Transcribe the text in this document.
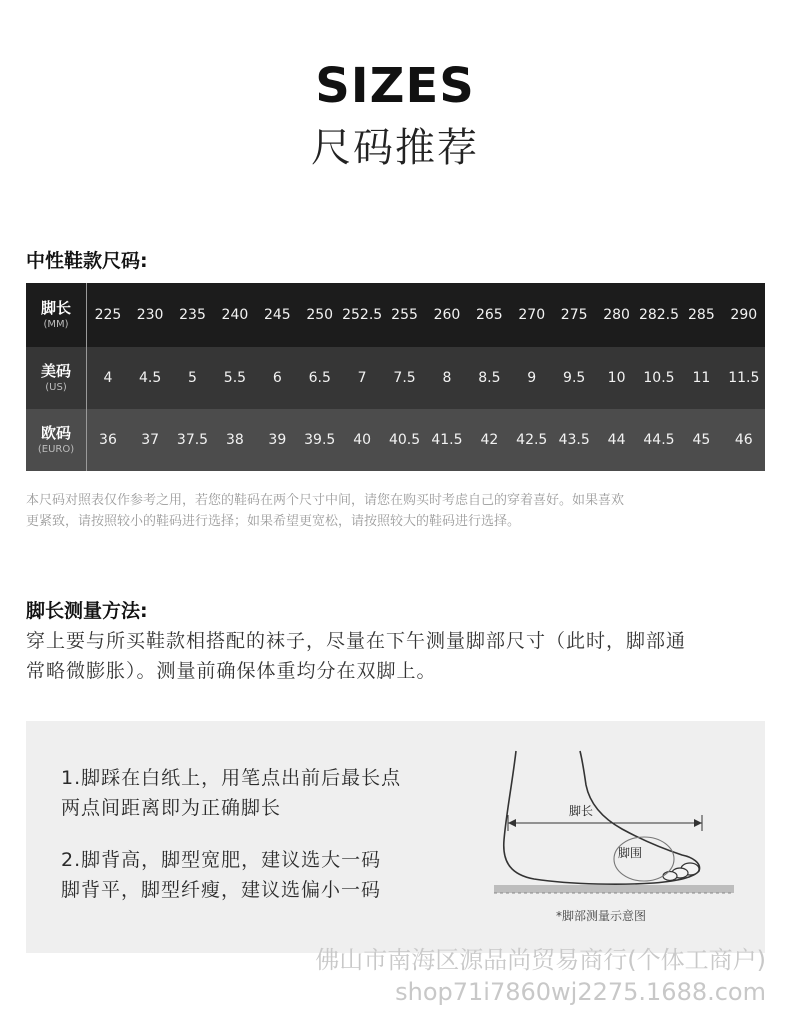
SIZES
尺码推荐
中性鞋款尺码:
脚长
(MM)	225	230	235	240	245	250	252.5	255	260	265	270	275	280	282.5	285	290

美码
(US)	4	4.5	5	5.5	6	6.5	7	7.5	8	8.5	9	9.5	10	10.5	11	11.5

欧码
(EURO)	36	37	37.5	38	39	39.5	40	40.5	41.5	42	42.5	43.5	44	44.5	45	46
本尺码对照表仅作参考之用，若您的鞋码在两个尺寸中间，请您在购买时考虑自己的穿着喜好。如果喜欢
更紧致，请按照较小的鞋码进行选择；如果希望更宽松，请按照较大的鞋码进行选择。
脚长测量方法:
穿上要与所买鞋款相搭配的袜子，尽量在下午测量脚部尺寸（此时，脚部通
常略微膨胀）。测量前确保体重均分在双脚上。
1.脚踩在白纸上，用笔点出前后最长点
两点间距离即为正确脚长
2.脚背高，脚型宽肥，建议选大一码
脚背平，脚型纤瘦，建议选偏小一码
脚长
脚围
*脚部测量示意图
佛山市南海区源品尚贸易商行(个体工商户)
shop71i7860wj2275.1688.com
